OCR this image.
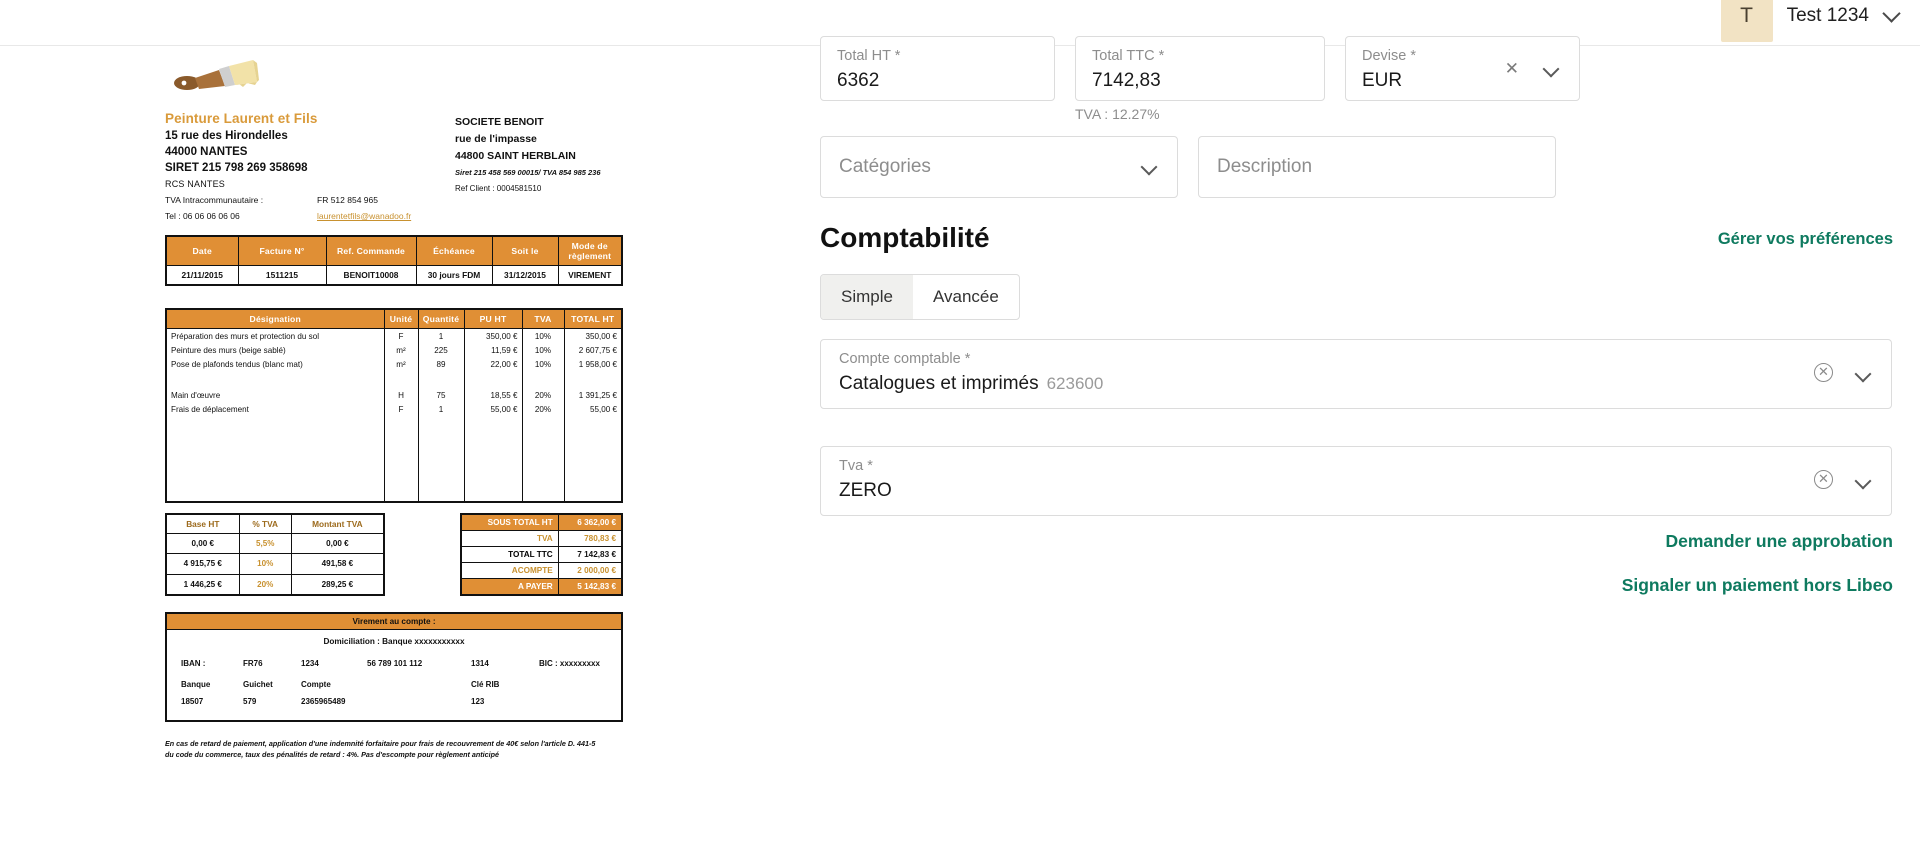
T	Test 1234
Peinture Laurent et Fils
15 rue des Hirondelles
44000 NANTES
SIRET 215 798 269 358698
RCS NANTES
TVA Intracommunautaire :	FR 512 854 965
Tel : 06 06 06 06 06	laurentetfils@wanadoo.fr
SOCIETE BENOIT
rue de l'impasse
44800 SAINT HERBLAIN
Siret 215 458 569 00015/ TVA 854 985 236
Ref Client : 0004581510
Date	Facture N°	Ref. Commande	Échéance	Soit le	Mode de règlement
21/11/2015	1511215	BENOIT10008	30 jours FDM	31/12/2015	VIREMENT
Désignation	Unité	Quantité	PU HT	TVA	TOTAL HT
Préparation des murs et protection du sol	F	1	350,00 €	10%	350,00 €
Peinture des murs (beige sablé)	m²	225	11,59 €	10%	2 607,75 €
Pose de plafonds tendus (blanc mat)	m²	89	22,00 €	10%	1 958,00 €

Main d'œuvre	H	75	18,55 €	20%	1 391,25 €
Frais de déplacement	F	1	55,00 €	20%	55,00 €

Base HT	% TVA	Montant TVA
0,00 €	5,5%	0,00 €
4 915,75 €	10%	491,58 €
1 446,25 €	20%	289,25 €
SOUS TOTAL HT	6 362,00 €
TVA	780,83 €
TOTAL TTC	7 142,83 €
ACOMPTE	2 000,00 €
A PAYER	5 142,83 €
Virement au compte :
Domiciliation : Banque xxxxxxxxxxx
IBAN :	FR76	1234	56 789 101 112	1314	BIC : xxxxxxxxx
Banque	Guichet	Compte		Clé RIB	
18507	579	2365965489		123	
En cas de retard de paiement, application d'une indemnité forfaitaire pour frais de recouvrement de 40€ selon l'article D. 441-5 du code du commerce, taux des pénalités de retard : 4%. Pas d'escompte pour règlement anticipé
Total HT *
6362
Total TTC *
7142,83
Devise *
EUR
✕
TVA : 12.27%
Catégories	Description
Comptabilité	Gérer vos préférences
Simple	Avancée
Compte comptable *
Catalogues et imprimés 623600
✕
Tva *
ZERO
✕
Demander une approbation
Signaler un paiement hors Libeo
